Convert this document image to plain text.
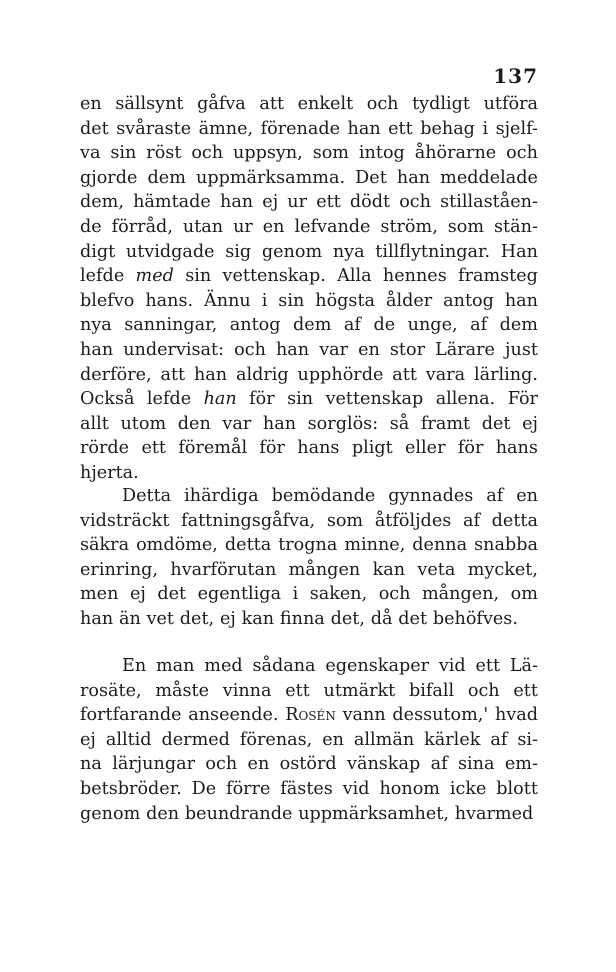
137
en sällsynt gåfva att enkelt och tydligt utföra
det svåraste ämne, förenade han ett behag i sjelf-
va sin röst och uppsyn, som intog åhörarne och
gjorde dem uppmärksamma. Det han meddelade
dem, hämtade han ej ur ett dödt och stillaståen-
de förråd, utan ur en lefvande ström, som stän-
digt utvidgade sig genom nya tillflytningar. Han
lefde med sin vettenskap. Alla hennes framsteg
blefvo hans. Ännu i sin högsta ålder antog han
nya sanningar, antog dem af de unge, af dem
han undervisat: och han var en stor Lärare just
derföre, att han aldrig upphörde att vara lärling.
Också lefde han för sin vettenskap allena. För
allt utom den var han sorglös: så framt det ej
rörde ett föremål för hans pligt eller för hans
hjerta.
Detta ihärdiga bemödande gynnades af en
vidsträckt fattningsgåfva, som åtföljdes af detta
säkra omdöme, detta trogna minne, denna snabba
erinring, hvarförutan mången kan veta mycket,
men ej det egentliga i saken, och mången, om
han än vet det, ej kan finna det, då det behöfves.
En man med sådana egenskaper vid ett Lä-
rosäte, måste vinna ett utmärkt bifall och ett
fortfarande anseende. Rosén vann dessutom,' hvad
ej alltid dermed förenas, en allmän kärlek af si-
na lärjungar och en ostörd vänskap af sina em-
betsbröder. De förre fästes vid honom icke blott
genom den beundrande uppmärksamhet, hvarmed
